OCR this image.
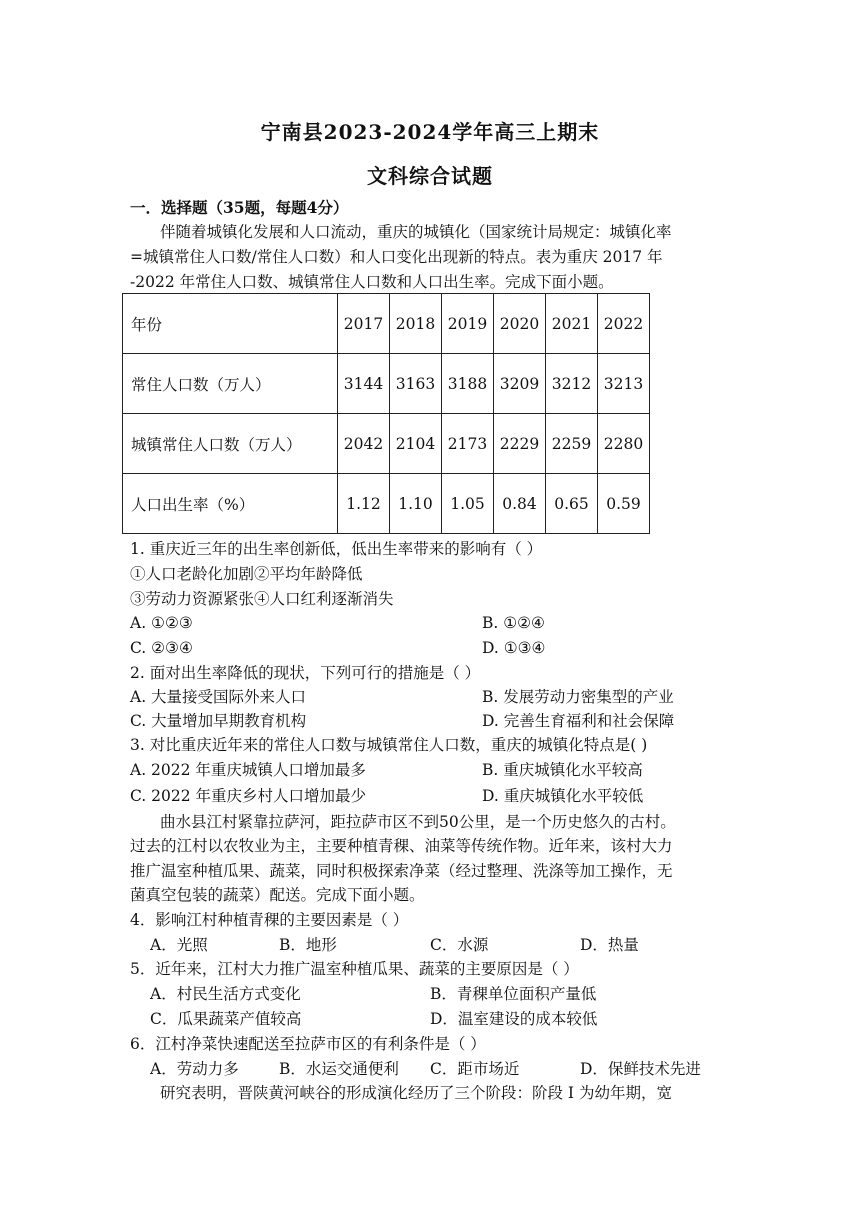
宁南县2023-2024学年高三上期末
文科综合试题
一．选择题（35题，每题4分）
伴随着城镇化发展和人口流动，重庆的城镇化（国家统计局规定：城镇化率
=城镇常住人口数/常住人口数）和人口变化出现新的特点。表为重庆 2017 年
-2022 年常住人口数、城镇常住人口数和人口出生率。完成下面小题。
年份	2017	2018	2019	2020	2021	2022
常住人口数（万人）	3144	3163	3188	3209	3212	3213
城镇常住人口数（万人）	2042	2104	2173	2229	2259	2280
人口出生率（%）	1.12	1.10	1.05	0.84	0.65	0.59
1. 重庆近三年的出生率创新低，低出生率带来的影响有（ ）
①人口老龄化加剧②平均年龄降低
③劳动力资源紧张④人口红利逐渐消失
A. ①②③	B. ①②④
C. ②③④	D. ①③④
2. 面对出生率降低的现状，下列可行的措施是（ ）
A. 大量接受国际外来人口	B. 发展劳动力密集型的产业
C. 大量增加早期教育机构	D. 完善生育福利和社会保障
3. 对比重庆近年来的常住人口数与城镇常住人口数，重庆的城镇化特点是( )
A. 2022 年重庆城镇人口增加最多	B. 重庆城镇化水平较高
C. 2022 年重庆乡村人口增加最少	D. 重庆城镇化水平较低
曲水县江村紧靠拉萨河，距拉萨市区不到50公里，是一个历史悠久的古村。
过去的江村以农牧业为主，主要种植青稞、油菜等传统作物。近年来，该村大力
推广温室种植瓜果、蔬菜，同时积极探索净菜（经过整理、洗涤等加工操作，无
菌真空包装的蔬菜）配送。完成下面小题。
4．影响江村种植青稞的主要因素是（ ）
A．光照	B．地形	C．水源	D．热量
5．近年来，江村大力推广温室种植瓜果、蔬菜的主要原因是（ ）
A．村民生活方式变化	B．青稞单位面积产量低
C．瓜果蔬菜产值较高	D．温室建设的成本较低
6．江村净菜快速配送至拉萨市区的有利条件是（ ）
A．劳动力多	B．水运交通便利 C．距市场近	D．保鲜技术先进
研究表明，晋陕黄河峡谷的形成演化经历了三个阶段：阶段 I 为幼年期，宽
